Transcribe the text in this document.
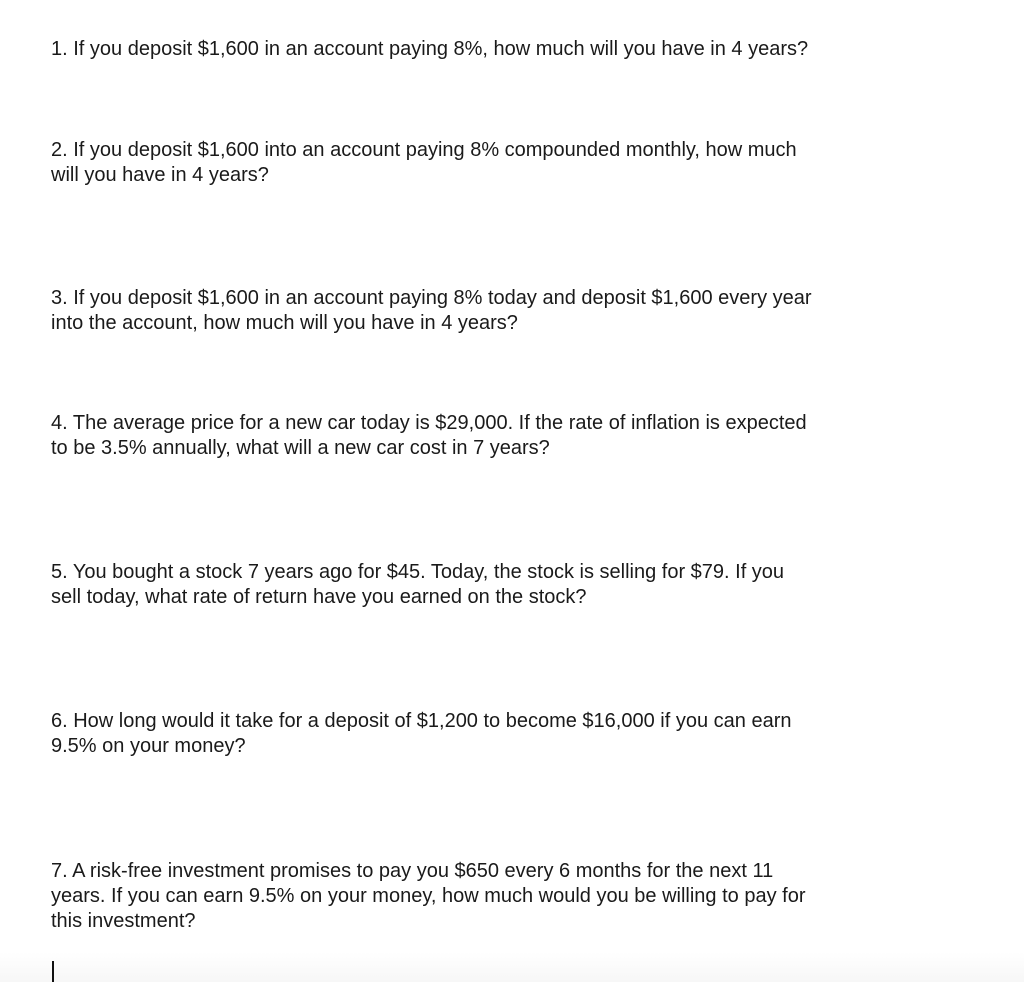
1. If you deposit $1,600 in an account paying 8%, how much will you have in 4 years?

2. If you deposit $1,600 into an account paying 8% compounded monthly, how much
will you have in 4 years?

3. If you deposit $1,600 in an account paying 8% today and deposit $1,600 every year
into the account, how much will you have in 4 years?

4. The average price for a new car today is $29,000. If the rate of inflation is expected
to be 3.5% annually, what will a new car cost in 7 years?

5. You bought a stock 7 years ago for $45. Today, the stock is selling for $79. If you
sell today, what rate of return have you earned on the stock?

6. How long would it take for a deposit of $1,200 to become $16,000 if you can earn
9.5% on your money?

7. A risk-free investment promises to pay you $650 every 6 months for the next 11
years. If you can earn 9.5% on your money, how much would you be willing to pay for
this investment?
